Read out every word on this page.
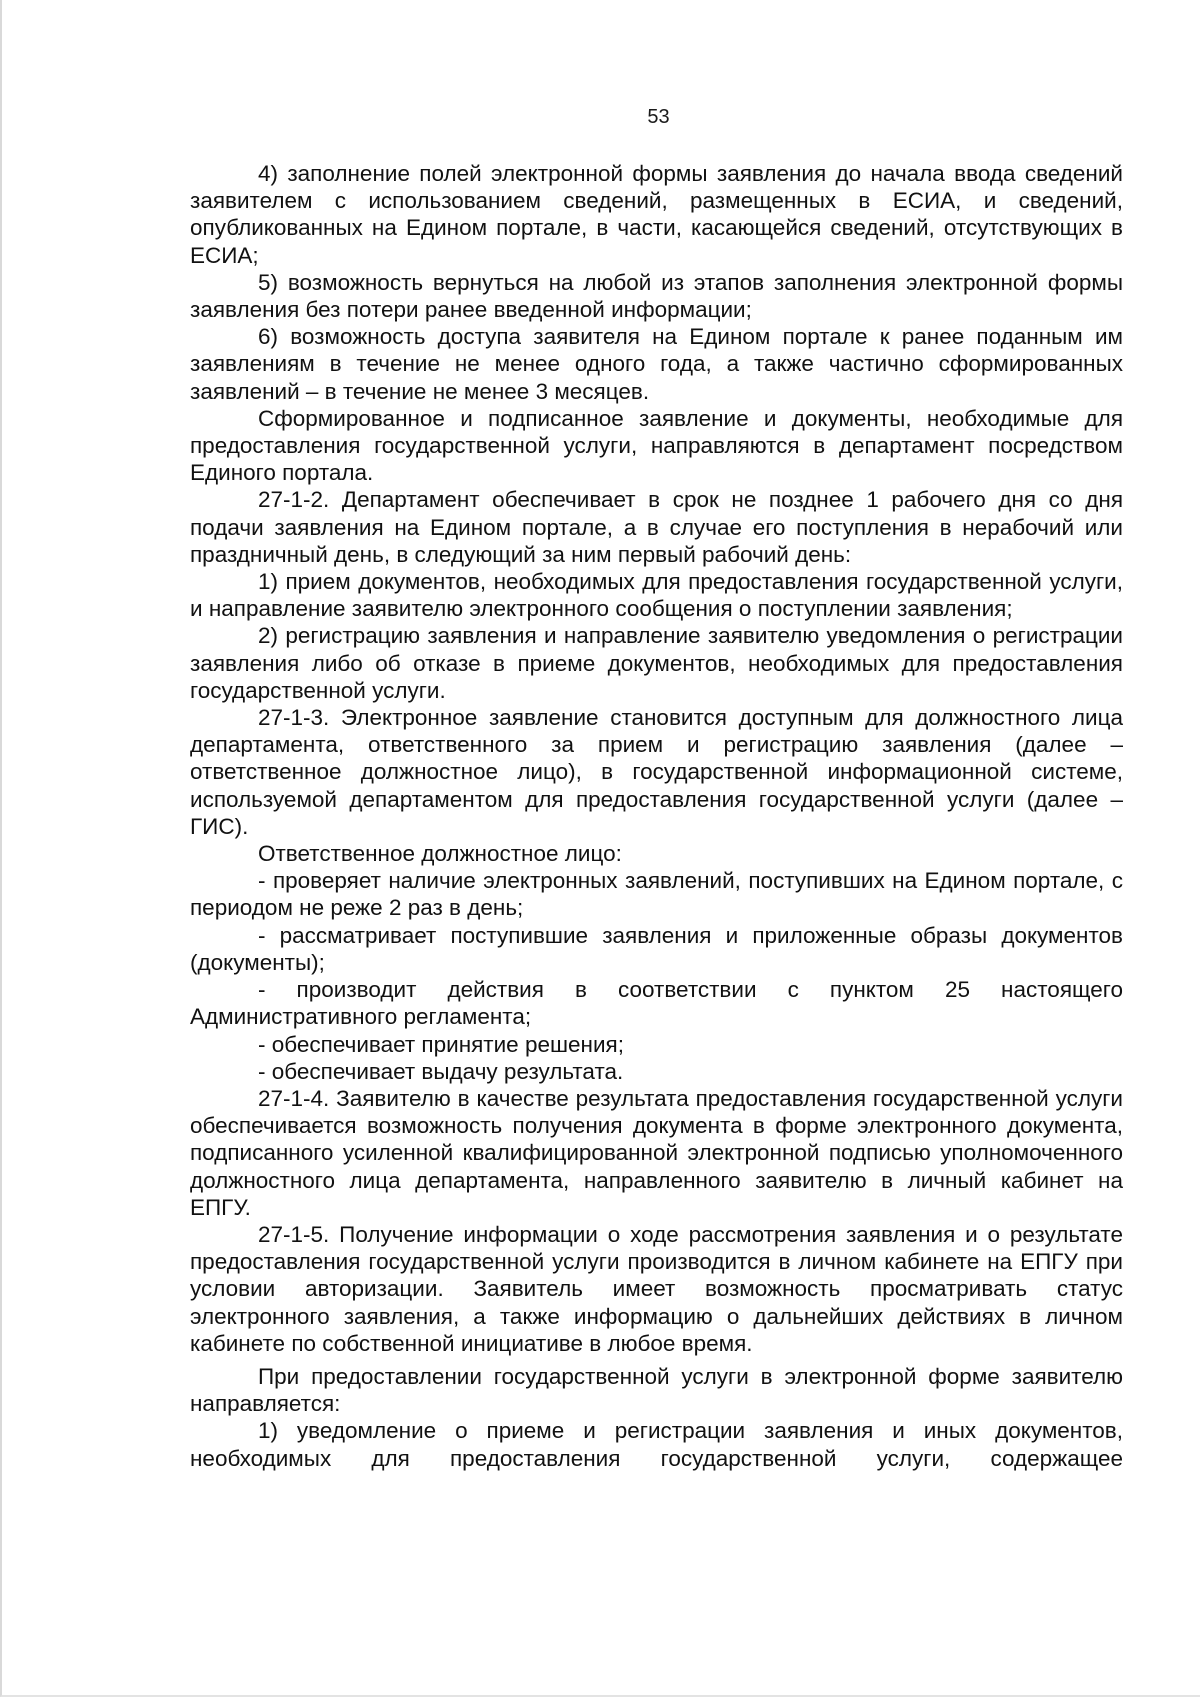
53

4) заполнение полей электронной формы заявления до начала ввода сведений заявителем с использованием сведений, размещенных в ЕСИА, и сведений, опубликованных на Едином портале, в части, касающейся сведений, отсутствующих в ЕСИА;

5) возможность вернуться на любой из этапов заполнения электронной формы заявления без потери ранее введенной информации;

6) возможность доступа заявителя на Едином портале к ранее поданным им заявлениям в течение не менее одного года, а также частично сформированных заявлений – в течение не менее 3 месяцев.

Сформированное и подписанное заявление и документы, необходимые для предоставления государственной услуги, направляются в департамент посредством Единого портала.

27-1-2. Департамент обеспечивает в срок не позднее 1 рабочего дня со дня подачи заявления на Едином портале, а в случае его поступления в нерабочий или праздничный день, в следующий за ним первый рабочий день:

1) прием документов, необходимых для предоставления государственной услуги, и направление заявителю электронного сообщения о поступлении заявления;

2) регистрацию заявления и направление заявителю уведомления о регистрации заявления либо об отказе в приеме документов, необходимых для предоставления государственной услуги.

27-1-3. Электронное заявление становится доступным для должностного лица департамента, ответственного за прием и регистрацию заявления (далее – ответственное должностное лицо), в государственной информационной системе, используемой департаментом для предоставления государственной услуги (далее – ГИС).

Ответственное должностное лицо:

- проверяет наличие электронных заявлений, поступивших на Едином портале, с периодом не реже 2 раз в день;

- рассматривает поступившие заявления и приложенные образы документов (документы);

- производит действия в соответствии с пунктом 25 настоящего Административного регламента;

- обеспечивает принятие решения;

- обеспечивает выдачу результата.

27-1-4. Заявителю в качестве результата предоставления государственной услуги обеспечивается возможность получения документа в форме электронного документа, подписанного усиленной квалифицированной электронной подписью уполномоченного должностного лица департамента, направленного заявителю в личный кабинет на ЕПГУ.

27-1-5. Получение информации о ходе рассмотрения заявления и о результате предоставления государственной услуги производится в личном кабинете на ЕПГУ при условии авторизации. Заявитель имеет возможность просматривать статус электронного заявления, а также информацию о дальнейших действиях в личном кабинете по собственной инициативе в любое время.

При предоставлении государственной услуги в электронной форме заявителю направляется:

1) уведомление о приеме и регистрации заявления и иных документов, необходимых для предоставления государственной услуги, содержащее
